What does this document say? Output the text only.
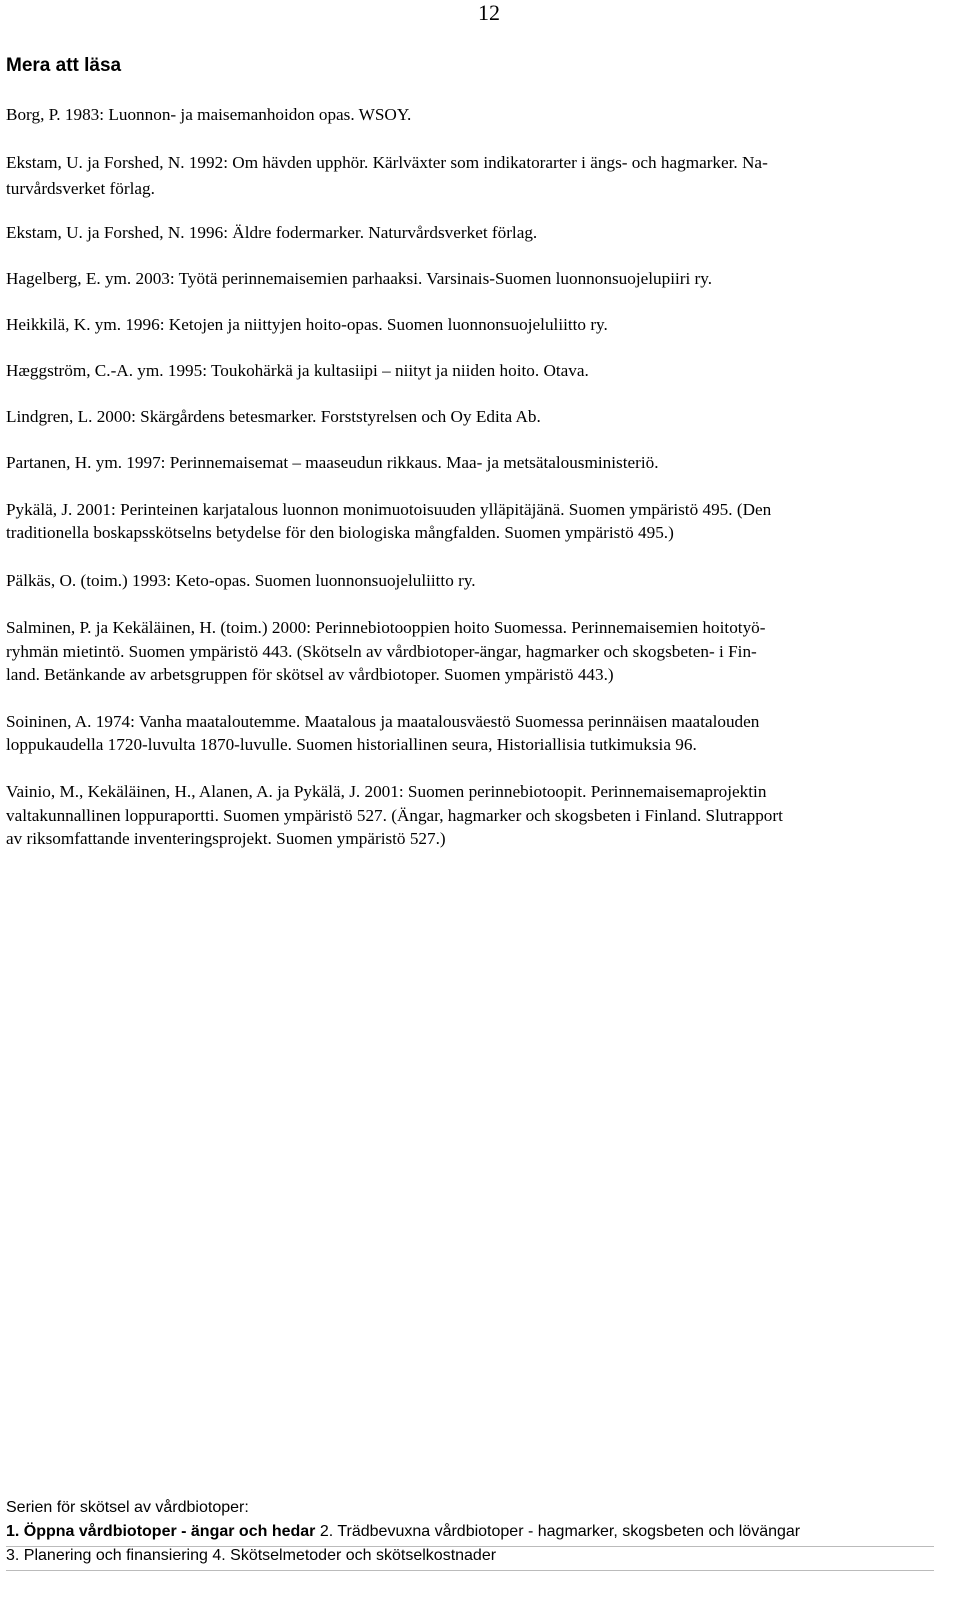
12
Mera att läsa

Borg, P. 1983: Luonnon- ja maisemanhoidon opas. WSOY.

Ekstam, U. ja Forshed, N. 1992: Om hävden upphör. Kärlväxter som indikatorarter i ängs- och hagmarker. Na-
turvårdsverket förlag.

Ekstam, U. ja Forshed, N. 1996: Äldre fodermarker. Naturvårdsverket förlag.

Hagelberg, E. ym. 2003: Työtä perinnemaisemien parhaaksi. Varsinais-Suomen luonnonsuojelupiiri ry.

Heikkilä, K. ym. 1996: Ketojen ja niittyjen hoito-opas. Suomen luonnonsuojeluliitto ry.

Hæggström, C.-A. ym. 1995: Toukohärkä ja kultasiipi – niityt ja niiden hoito. Otava.

Lindgren, L. 2000: Skärgårdens betesmarker. Forststyrelsen och Oy Edita Ab.

Partanen, H. ym. 1997: Perinnemaisemat – maaseudun rikkaus. Maa- ja metsätalousministeriö.

Pykälä, J. 2001: Perinteinen karjatalous luonnon monimuotoisuuden ylläpitäjänä. Suomen ympäristö 495. (Den
traditionella boskapsskötselns betydelse för den biologiska mångfalden. Suomen ympäristö 495.)

Pälkäs, O. (toim.) 1993: Keto-opas. Suomen luonnonsuojeluliitto ry.

Salminen, P. ja Kekäläinen, H. (toim.) 2000: Perinnebiotooppien hoito Suomessa. Perinnemaisemien hoitotyö-
ryhmän mietintö. Suomen ympäristö 443. (Skötseln av vårdbiotoper-ängar, hagmarker och skogsbeten- i Fin-
land. Betänkande av arbetsgruppen för skötsel av vårdbiotoper. Suomen ympäristö 443.)

Soininen, A. 1974: Vanha maataloutemme. Maatalous ja maatalousväestö Suomessa perinnäisen maatalouden
loppukaudella 1720-luvulta 1870-luvulle. Suomen historiallinen seura, Historiallisia tutkimuksia 96.

Vainio, M., Kekäläinen, H., Alanen, A. ja Pykälä, J. 2001: Suomen perinnebiotoopit. Perinnemaisemaprojektin
valtakunnallinen loppuraportti. Suomen ympäristö 527. (Ängar, hagmarker och skogsbeten i Finland. Slutrapport
av riksomfattande inventeringsprojekt. Suomen ympäristö 527.)

Serien för skötsel av vårdbiotoper:
1. Öppna vårdbiotoper - ängar och hedar 2. Trädbevuxna vårdbiotoper - hagmarker, skogsbeten och lövängar
3. Planering och finansiering 4. Skötselmetoder och skötselkostnader
